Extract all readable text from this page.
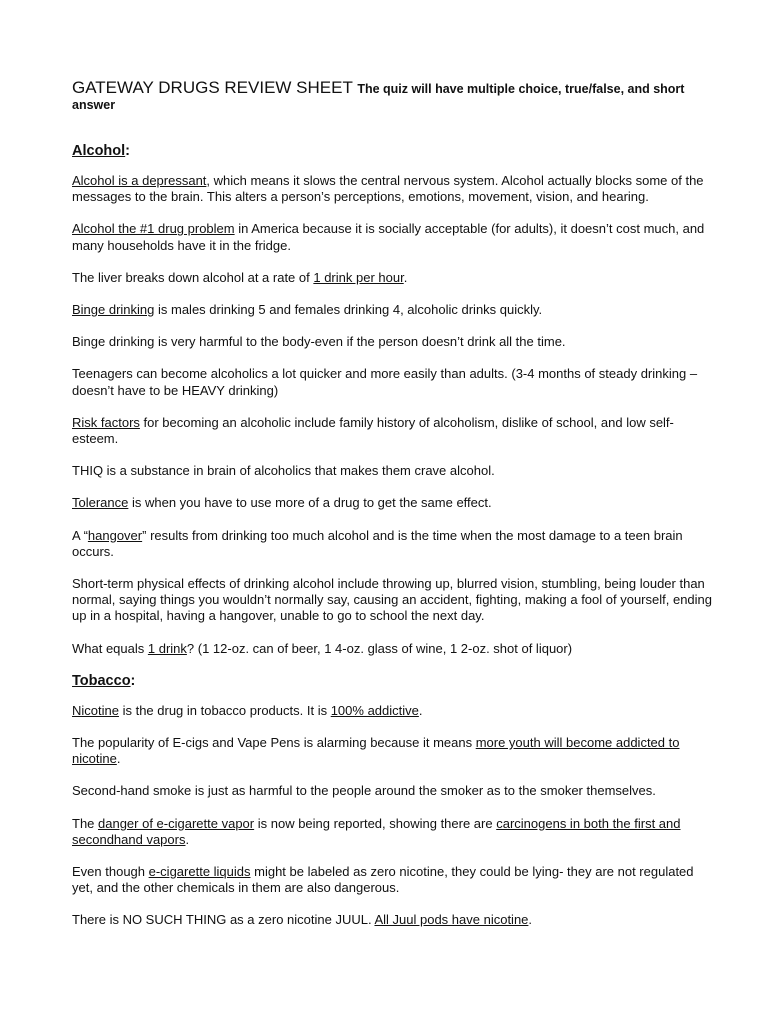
GATEWAY DRUGS REVIEW SHEET The quiz will have multiple choice, true/false, and short answer
Alcohol:

Alcohol is a depressant, which means it slows the central nervous system. Alcohol actually blocks some of the messages to the brain. This alters a person’s perceptions, emotions, movement, vision, and hearing.

Alcohol the #1 drug problem in America because it is socially acceptable (for adults), it doesn’t cost much, and many households have it in the fridge.

The liver breaks down alcohol at a rate of 1 drink per hour.

Binge drinking is males drinking 5 and females drinking 4, alcoholic drinks quickly.

Binge drinking is very harmful to the body-even if the person doesn’t drink all the time.

Teenagers can become alcoholics a lot quicker and more easily than adults. (3-4 months of steady drinking – doesn’t have to be HEAVY drinking)

Risk factors for becoming an alcoholic include family history of alcoholism, dislike of school, and low self-esteem.

THIQ is a substance in brain of alcoholics that makes them crave alcohol.

Tolerance is when you have to use more of a drug to get the same effect.

A “hangover” results from drinking too much alcohol and is the time when the most damage to a teen brain occurs.

Short-term physical effects of drinking alcohol include throwing up, blurred vision, stumbling, being louder than normal, saying things you wouldn’t normally say, causing an accident, fighting, making a fool of yourself, ending up in a hospital, having a hangover, unable to go to school the next day.

What equals 1 drink? (1 12-oz. can of beer, 1 4-oz. glass of wine, 1 2-oz. shot of liquor)

Tobacco:

Nicotine is the drug in tobacco products. It is 100% addictive.

The popularity of E-cigs and Vape Pens is alarming because it means more youth will become addicted to nicotine.

Second-hand smoke is just as harmful to the people around the smoker as to the smoker themselves.

The danger of e-cigarette vapor is now being reported, showing there are carcinogens in both the first and secondhand vapors.

Even though e-cigarette liquids might be labeled as zero nicotine, they could be lying- they are not regulated yet, and the other chemicals in them are also dangerous.

There is NO SUCH THING as a zero nicotine JUUL. All Juul pods have nicotine.
